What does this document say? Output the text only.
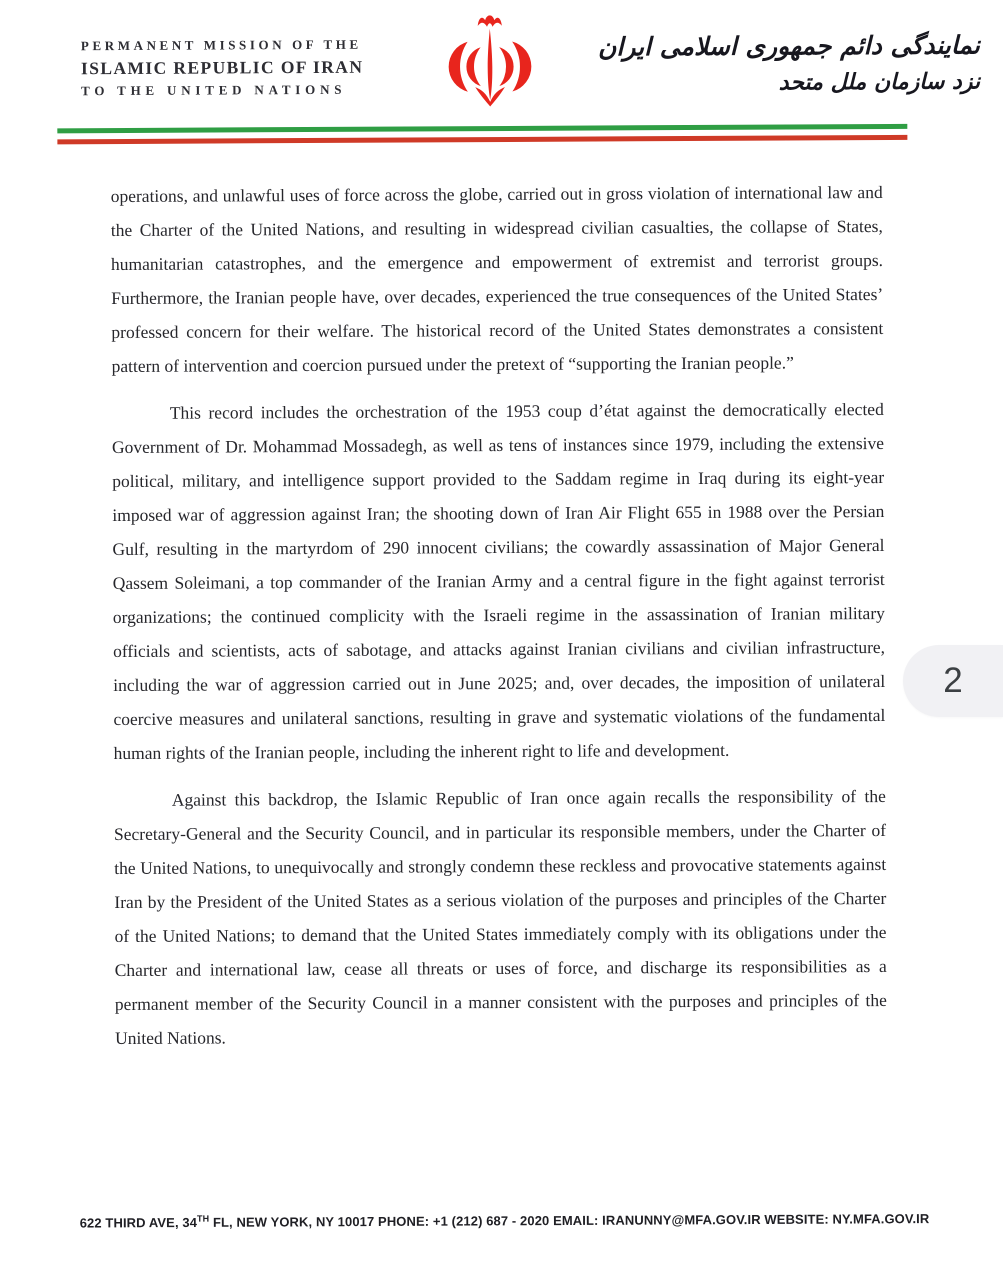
PERMANENT MISSION OF THE
ISLAMIC REPUBLIC OF IRAN
TO THE UNITED NATIONS
نمایندگی دائم جمهوری اسلامی ایران
نزد سازمان ملل متحد

operations, and unlawful uses of force across the globe, carried out in gross violation of international law and the Charter of the United Nations, and resulting in widespread civilian casualties, the collapse of States, humanitarian catastrophes, and the emergence and empowerment of extremist and terrorist groups. Furthermore, the Iranian people have, over decades, experienced the true consequences of the United States’ professed concern for their welfare. The historical record of the United States demonstrates a consistent pattern of intervention and coercion pursued under the pretext of “supporting the Iranian people.”

This record includes the orchestration of the 1953 coup d’état against the democratically elected Government of Dr. Mohammad Mossadegh, as well as tens of instances since 1979, including the extensive political, military, and intelligence support provided to the Saddam regime in Iraq during its eight-year imposed war of aggression against Iran; the shooting down of Iran Air Flight 655 in 1988 over the Persian Gulf, resulting in the martyrdom of 290 innocent civilians; the cowardly assassination of Major General Qassem Soleimani, a top commander of the Iranian Army and a central figure in the fight against terrorist organizations; the continued complicity with the Israeli regime in the assassination of Iranian military officials and scientists, acts of sabotage, and attacks against Iranian civilians and civilian infrastructure, including the war of aggression carried out in June 2025; and, over decades, the imposition of unilateral coercive measures and unilateral sanctions, resulting in grave and systematic violations of the fundamental human rights of the Iranian people, including the inherent right to life and development.

Against this backdrop, the Islamic Republic of Iran once again recalls the responsibility of the Secretary-General and the Security Council, and in particular its responsible members, under the Charter of the United Nations, to unequivocally and strongly condemn these reckless and provocative statements against Iran by the President of the United States as a serious violation of the purposes and principles of the Charter of the United Nations; to demand that the United States immediately comply with its obligations under the Charter and international law, cease all threats or uses of force, and discharge its responsibilities as a permanent member of the Security Council in a manner consistent with the purposes and principles of the United Nations.

622 THIRD AVE, 34TH FL, NEW YORK, NY 10017 PHONE: +1 (212) 687 - 2020 EMAIL: IRANUNNY@MFA.GOV.IR WEBSITE: NY.MFA.GOV.IR
2
